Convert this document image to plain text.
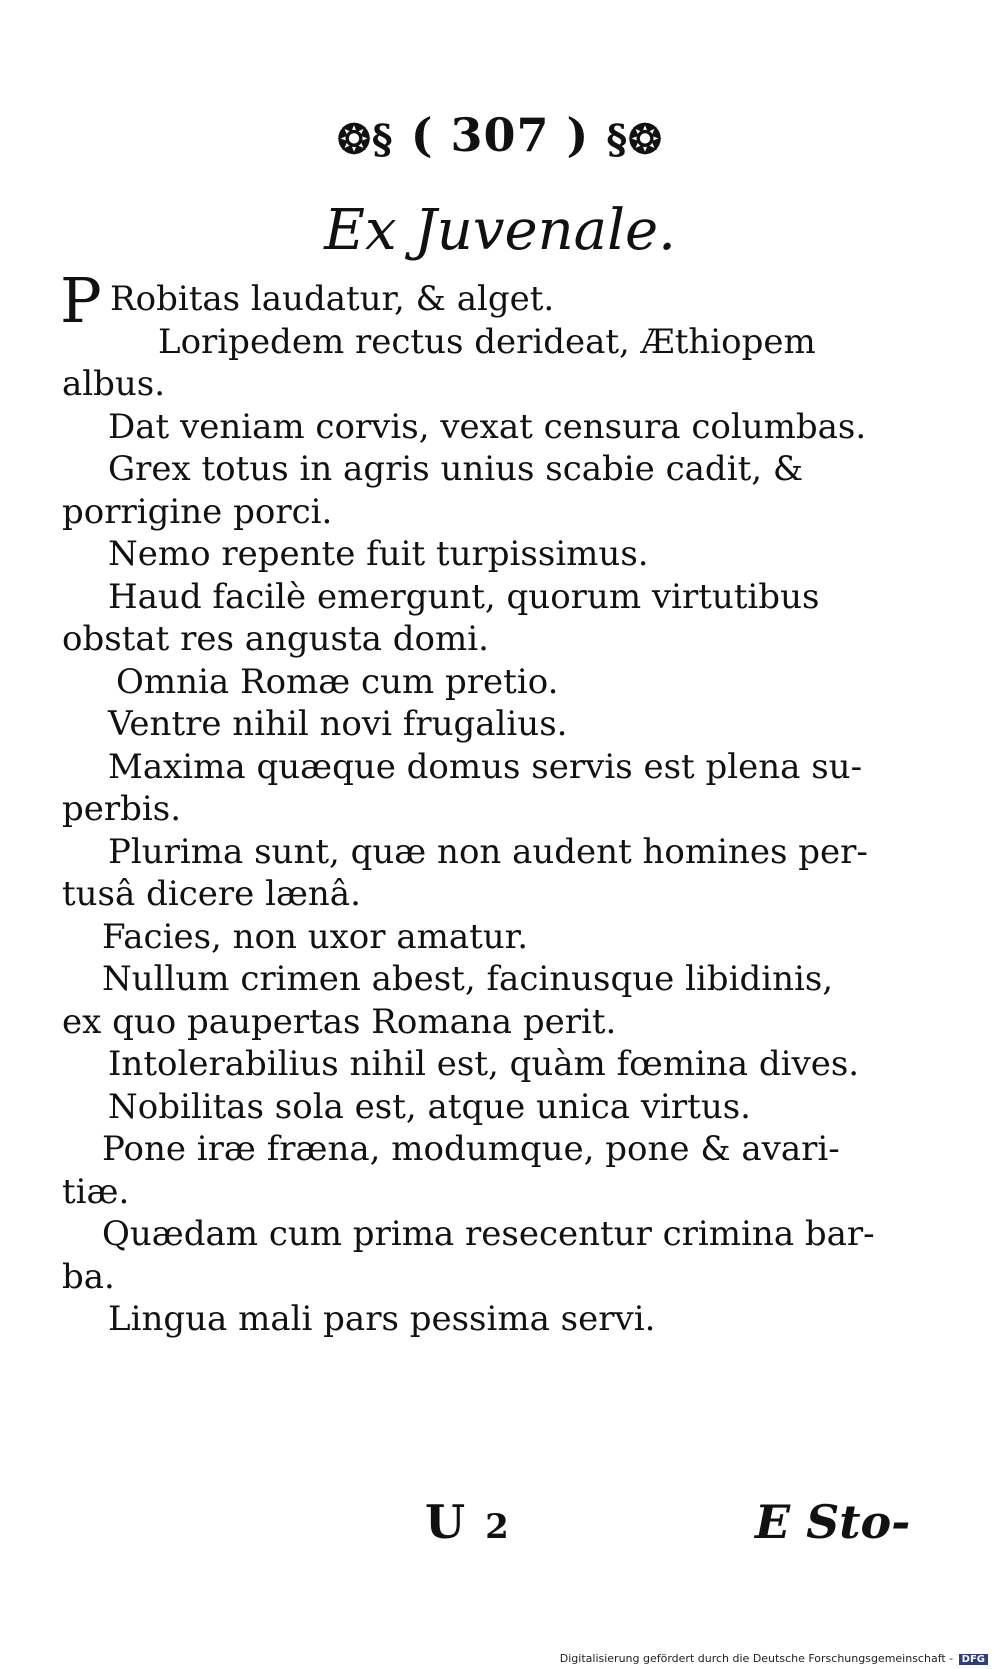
❂§ ( 307 ) §❂
Ex Juvenale.
P Robitas laudatur, & alget.
Loripedem rectus derideat, Æthiopem
albus.
Dat veniam corvis, vexat censura columbas.
Grex totus in agris unius scabie cadit, &
porrigine porci.
Nemo repente fuit turpissimus.
Haud facilè emergunt, quorum virtutibus
obstat res angusta domi.
Omnia Romæ cum pretio.
Ventre nihil novi frugalius.
Maxima quæque domus servis est plena su-
perbis.
Plurima sunt, quæ non audent homines per-
tusâ dicere lænâ.
Facies, non uxor amatur.
Nullum crimen abest, facinusque libidinis,
ex quo paupertas Romana perit.
Intolerabilius nihil est, quàm fœmina dives.
Nobilitas sola est, atque unica virtus.
Pone iræ fræna, modumque, pone & avari-
tiæ.
Quædam cum prima resecentur crimina bar-
ba.
Lingua mali pars pessima servi.
U 2	E Sto-
Digitalisierung gefördert durch die Deutsche Forschungsgemeinschaft - DFG
